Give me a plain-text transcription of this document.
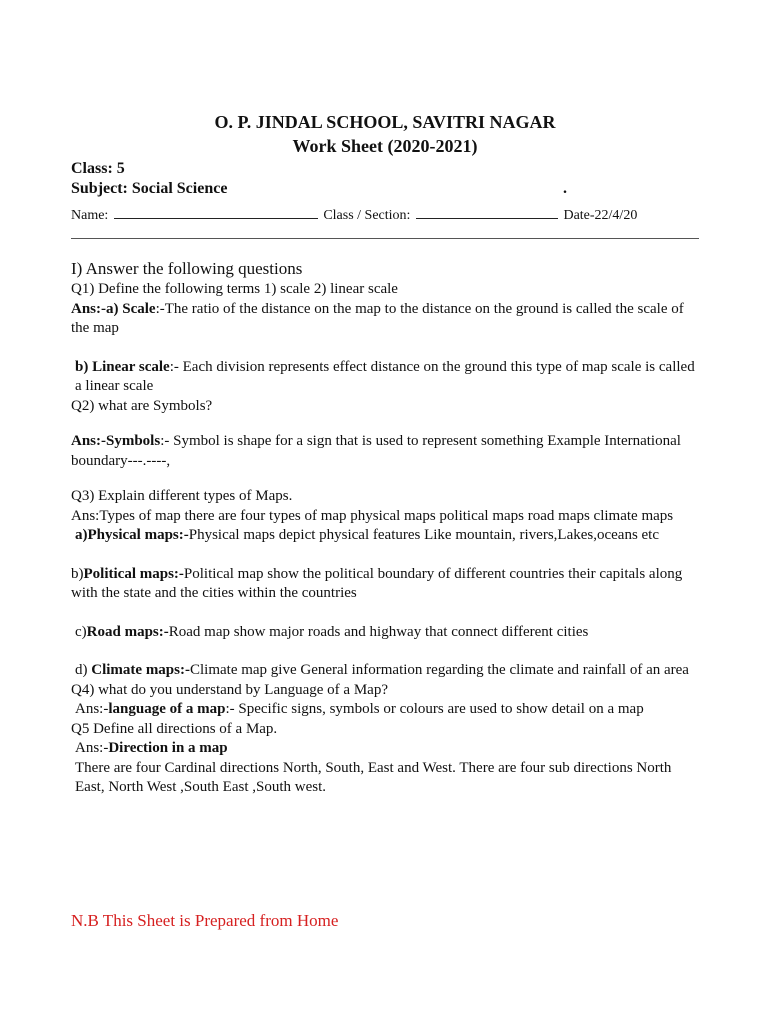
O. P. JINDAL SCHOOL, SAVITRI NAGAR
Work Sheet (2020-2021)
Class: 5
Subject: Social Science	.
Name:	Class / Section:	Date-22/4/20

I) Answer the following questions

Q1) Define the following terms 1) scale 2) linear scale

Ans:-a) Scale:-The ratio of the distance on the map to the distance on the ground is called the scale of the map

b) Linear scale:- Each division represents effect distance on the ground this type of map scale is called a linear scale

Q2) what are Symbols?

Ans:-Symbols:- Symbol is shape for a sign that is used to represent something Example International boundary---.----,

Q3) Explain different types of Maps.

Ans:Types of map there are four types of map physical maps political maps road maps climate maps

a)Physical maps:-Physical maps depict physical features Like mountain, rivers,Lakes,oceans etc

b)Political maps:-Political map show the political boundary of different countries their capitals along with the state and the cities within the countries

c)Road maps:-Road map show major roads and highway that connect different cities

d) Climate maps:-Climate map give General information regarding the climate and rainfall of an area

Q4) what do you understand by Language of a Map?

Ans:-language of a map:- Specific signs, symbols or colours are used to show detail on a map

Q5 Define all directions of a Map.

Ans:-Direction in a map

There are four Cardinal directions North, South, East and West. There are four sub directions North East, North West ,South East ,South west.

N.B This Sheet is Prepared from Home
